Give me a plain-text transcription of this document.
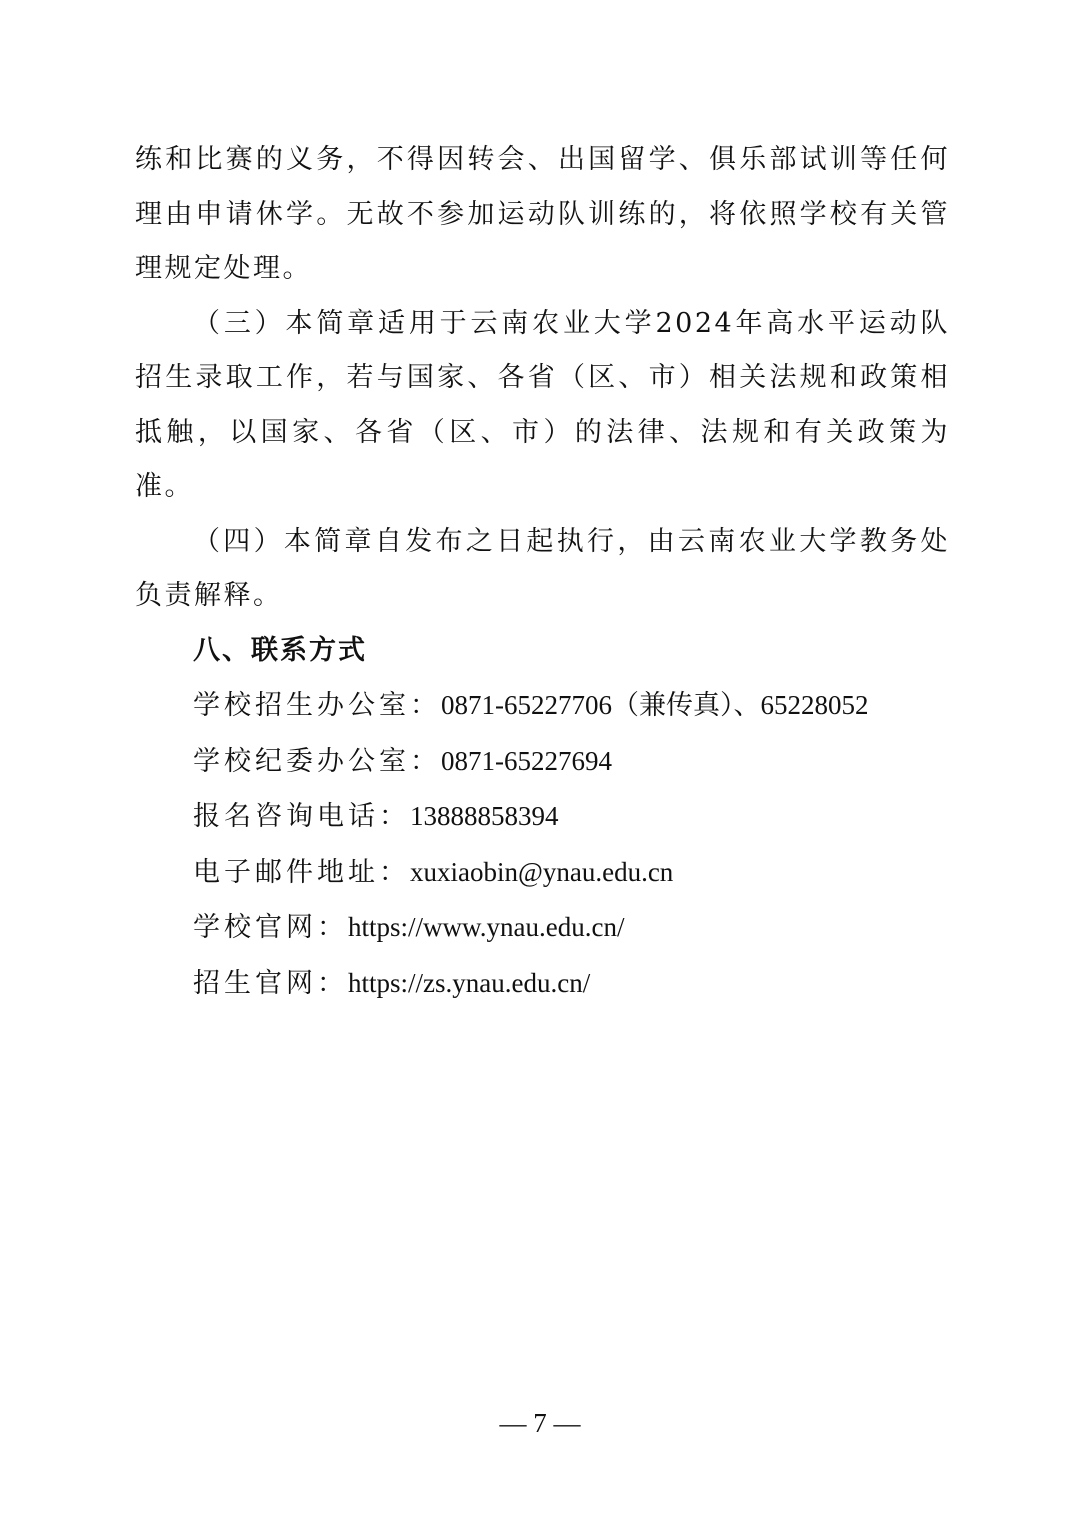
练和比赛的义务，不得因转会、出国留学、俱乐部试训等任何理由申请休学。无故不参加运动队训练的，将依照学校有关管理规定处理。

（三）本简章适用于云南农业大学2024年高水平运动队招生录取工作，若与国家、各省（区、市）相关法规和政策相抵触，以国家、各省（区、市）的法律、法规和有关政策为准。

（四）本简章自发布之日起执行，由云南农业大学教务处负责解释。

八、联系方式

学校招生办公室：0871-65227706（兼传真）、65228052

学校纪委办公室：0871-65227694

报名咨询电话：13888858394

电子邮件地址：xuxiaobin@ynau.edu.cn

学校官网：https://www.ynau.edu.cn/

招生官网：https://zs.ynau.edu.cn/

— 7 —
